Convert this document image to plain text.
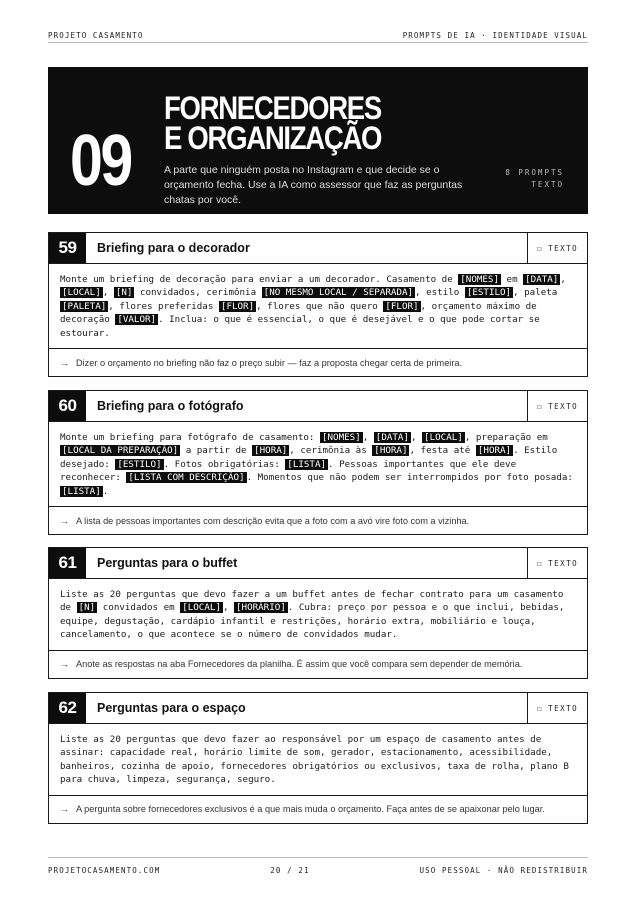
PROJETO CASAMENTO	PROMPTS DE IA · IDENTIDADE VISUAL
09
FORNECEDORES E ORGANIZAÇÃO
A parte que ninguém posta no Instagram e que decide se o orçamento fecha. Use a IA como assessor que faz as perguntas chatas por você.
8 PROMPTS
TEXTO
59	Briefing para o decorador	☐ TEXTO
Monte um briefing de decoração para enviar a um decorador. Casamento de [NOMES] em [DATA] , [LOCAL] , [N] convidados, cerimônia [NO MESMO LOCAL / SEPARADA] , estilo [ESTILO] , paleta [PALETA] , flores preferidas [FLOR] , flores que não quero [FLOR] , orçamento máximo de decoração [VALOR] . Inclua: o que é essencial, o que é desejável e o que pode cortar se estourar.
→ Dizer o orçamento no briefing não faz o preço subir — faz a proposta chegar certa de primeira.
60	Briefing para o fotógrafo	☐ TEXTO
Monte um briefing para fotógrafo de casamento: [NOMES] , [DATA] , [LOCAL] , preparação em [LOCAL DA PREPARAÇÃO] a partir de [HORA] , cerimônia às [HORA] , festa até [HORA] . Estilo desejado: [ESTILO] . Fotos obrigatórias: [LISTA] . Pessoas importantes que ele deve reconhecer: [LISTA COM DESCRIÇÃO] . Momentos que não podem ser interrompidos por foto posada: [LISTA] .
→ A lista de pessoas importantes com descrição evita que a foto com a avó vire foto com a vizinha.
61	Perguntas para o buffet	☐ TEXTO
Liste as 20 perguntas que devo fazer a um buffet antes de fechar contrato para um casamento de [N] convidados em [LOCAL] , [HORÁRIO] . Cubra: preço por pessoa e o que inclui, bebidas, equipe, degustação, cardápio infantil e restrições, horário extra, mobiliário e louça, cancelamento, o que acontece se o número de convidados mudar.
→ Anote as respostas na aba Fornecedores da planilha. É assim que você compara sem depender de memória.
62	Perguntas para o espaço	☐ TEXTO
Liste as 20 perguntas que devo fazer ao responsável por um espaço de casamento antes de assinar: capacidade real, horário limite de som, gerador, estacionamento, acessibilidade, banheiros, cozinha de apoio, fornecedores obrigatórios ou exclusivos, taxa de rolha, plano B para chuva, limpeza, segurança, seguro.
→ A pergunta sobre fornecedores exclusivos é a que mais muda o orçamento. Faça antes de se apaixonar pelo lugar.
PROJETOCASAMENTO.COM	20 / 21	USO PESSOAL · NÃO REDISTRIBUIR
